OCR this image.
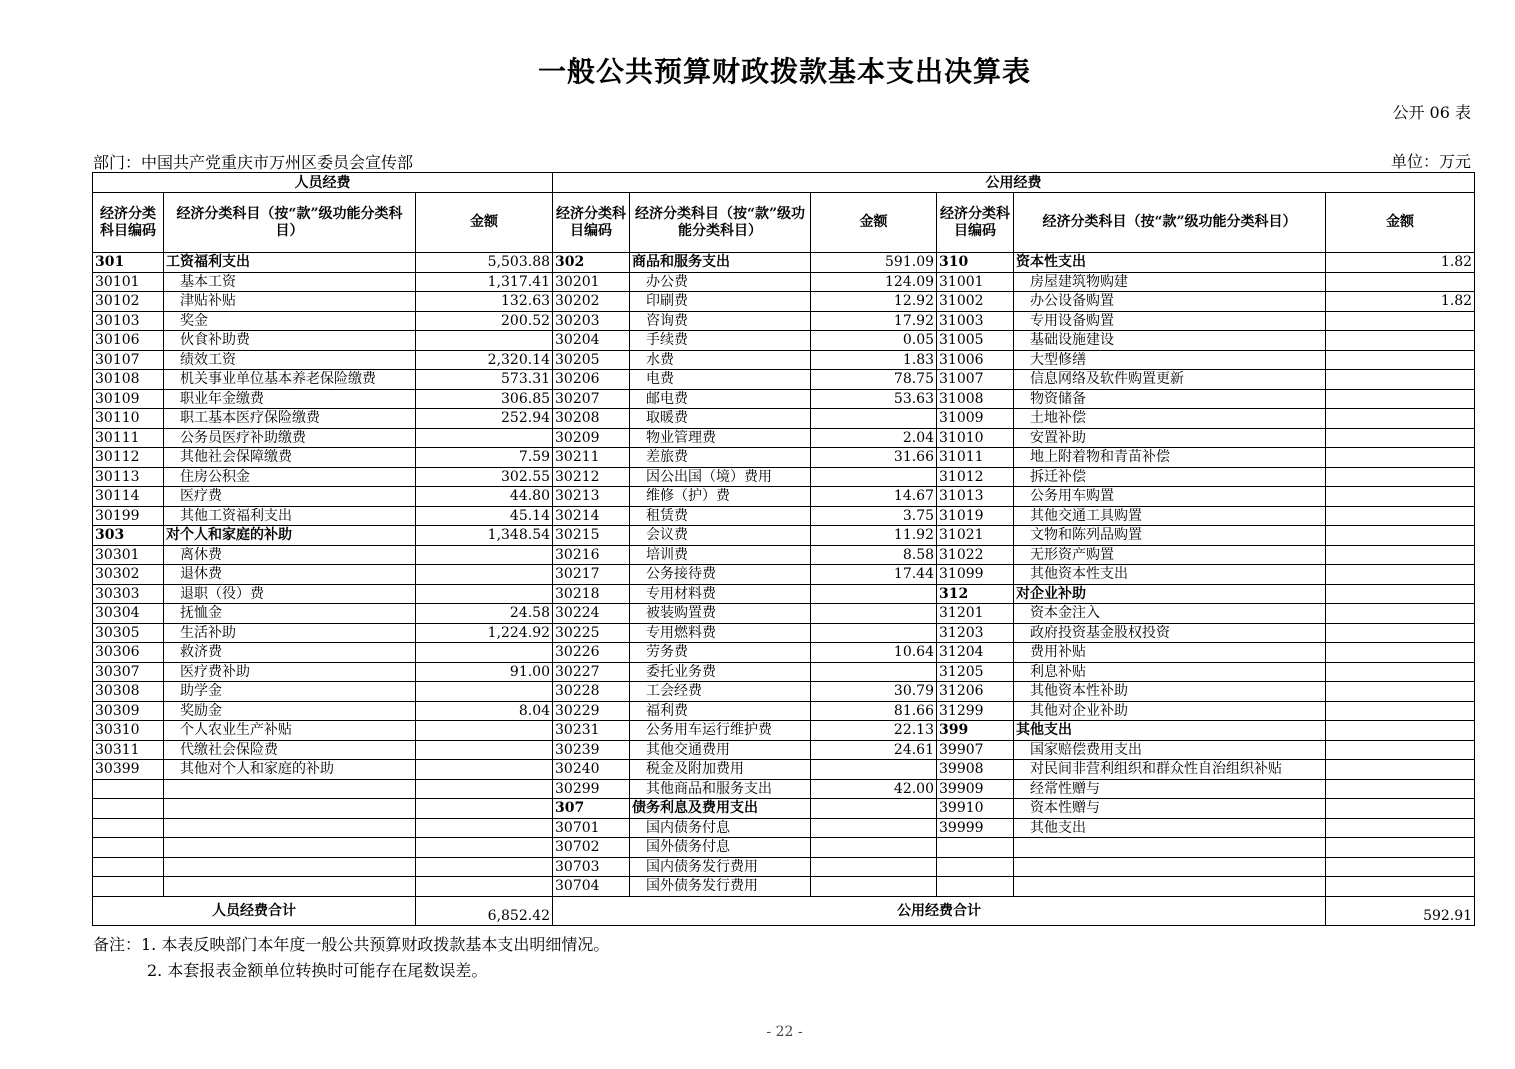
一般公共预算财政拨款基本支出决算表
公开 06 表
部门：中国共产党重庆市万州区委员会宣传部	单位：万元
人员经费			公用经费					
经济分类科目编码	经济分类科目（按“款”级功能分类科目）	金额	经济分类科目编码	经济分类科目（按“款”级功能分类科目）	金额	经济分类科目编码	经济分类科目（按“款”级功能分类科目）	金额
301	工资福利支出	5,503.88	302	商品和服务支出	591.09	310	资本性支出	1.82
30101	基本工资	1,317.41	30201	办公费	124.09	31001	房屋建筑物购建	
30102	津贴补贴	132.63	30202	印刷费	12.92	31002	办公设备购置	1.82
30103	奖金	200.52	30203	咨询费	17.92	31003	专用设备购置	
30106	伙食补助费		30204	手续费	0.05	31005	基础设施建设	
30107	绩效工资	2,320.14	30205	水费	1.83	31006	大型修缮	
30108	机关事业单位基本养老保险缴费	573.31	30206	电费	78.75	31007	信息网络及软件购置更新	
30109	职业年金缴费	306.85	30207	邮电费	53.63	31008	物资储备	
30110	职工基本医疗保险缴费	252.94	30208	取暖费		31009	土地补偿	
30111	公务员医疗补助缴费		30209	物业管理费	2.04	31010	安置补助	
30112	其他社会保障缴费	7.59	30211	差旅费	31.66	31011	地上附着物和青苗补偿	
30113	住房公积金	302.55	30212	因公出国（境）费用		31012	拆迁补偿	
30114	医疗费	44.80	30213	维修（护）费	14.67	31013	公务用车购置	
30199	其他工资福利支出	45.14	30214	租赁费	3.75	31019	其他交通工具购置	
303	对个人和家庭的补助	1,348.54	30215	会议费	11.92	31021	文物和陈列品购置	
30301	离休费		30216	培训费	8.58	31022	无形资产购置	
30302	退休费		30217	公务接待费	17.44	31099	其他资本性支出	
30303	退职（役）费		30218	专用材料费		312	对企业补助	
30304	抚恤金	24.58	30224	被装购置费		31201	资本金注入	
30305	生活补助	1,224.92	30225	专用燃料费		31203	政府投资基金股权投资	
30306	救济费		30226	劳务费	10.64	31204	费用补贴	
30307	医疗费补助	91.00	30227	委托业务费		31205	利息补贴	
30308	助学金		30228	工会经费	30.79	31206	其他资本性补助	
30309	奖励金	8.04	30229	福利费	81.66	31299	其他对企业补助	
30310	个人农业生产补贴		30231	公务用车运行维护费	22.13	399	其他支出	
30311	代缴社会保险费		30239	其他交通费用	24.61	39907	国家赔偿费用支出	
30399	其他对个人和家庭的补助		30240	税金及附加费用		39908	对民间非营利组织和群众性自治组织补贴	
			30299	其他商品和服务支出	42.00	39909	经常性赠与	
			307	债务利息及费用支出		39910	资本性赠与	
			30701	国内债务付息		39999	其他支出	
			30702	国外债务付息				
			30703	国内债务发行费用				
			30704	国外债务发行费用				
人员经费合计		6,852.42	公用经费合计					592.91
备注：1. 本表反映部门本年度一般公共预算财政拨款基本支出明细情况。
2. 本套报表金额单位转换时可能存在尾数误差。
- 22 -
